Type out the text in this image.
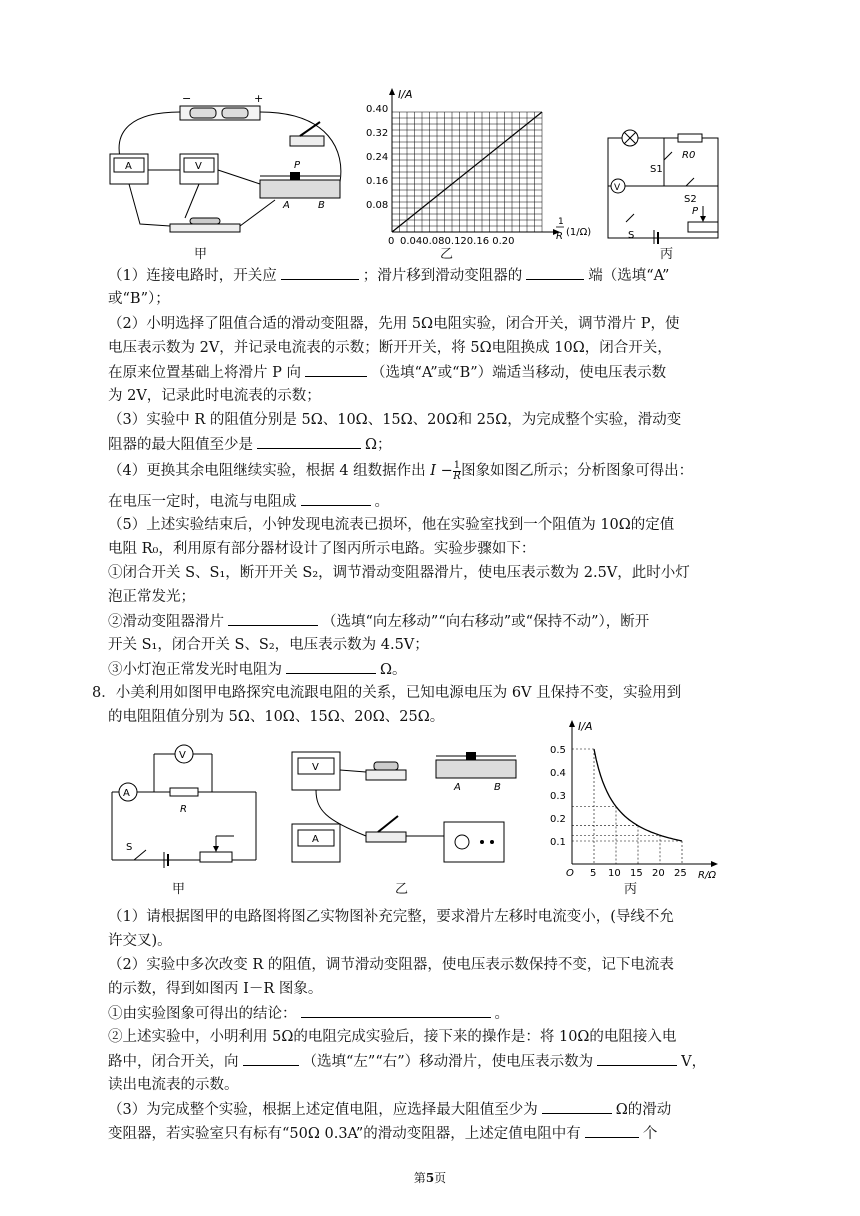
−	+
A	V	P
A	B
甲
I/A
0.40
0.32
0.24
0.16
0.08
0 0.040.080.120.16 0.20
1
R (1/Ω)
乙
R0
S1
V
S2
S
P
丙
（1）连接电路时，开关应	；滑片移到滑动变阻器的	端（选填“A”
或“B”）；
（2）小明选择了阻值合适的滑动变阻器，先用 5Ω电阻实验，闭合开关，调节滑片 P，使
电压表示数为 2V，并记录电流表的示数；断开开关，将 5Ω电阻换成 10Ω，闭合开关，
在原来位置基础上将滑片 P 向	（选填“A”或“B”）端适当移动，使电压表示数
为 2V，记录此时电流表的示数；
（3）实验中 R 的阻值分别是 5Ω、10Ω、15Ω、20Ω和 25Ω，为完成整个实验，滑动变
阻器的最大阻值至少是	Ω；
（4）更换其余电阻继续实验，根据 4 组数据作出 $I - \frac{1}{R}$ 图象如图乙所示；分析图象可得出：
在电压一定时，电流与电阻成	。
（5）上述实验结束后，小钟发现电流表已损坏，他在实验室找到一个阻值为 10Ω的定值
电阻 R₀，利用原有部分器材设计了图丙所示电路。实验步骤如下：
①闭合开关 S、S₁，断开开关 S₂，调节滑动变阻器滑片，使电压表示数为 2.5V，此时小灯
泡正常发光；
②滑动变阻器滑片	（选填“向左移动”“向右移动”或“保持不动”），断开
开关 S₁，闭合开关 S、S₂，电压表示数为 4.5V；
③小灯泡正常发光时电阻为	Ω。
8．小美利用如图甲电路探究电流跟电阻的关系，已知电源电压为 6V 且保持不变，实验用到
的电阻阻值分别为 5Ω、10Ω、15Ω、20Ω、25Ω。
A
V
R
S
甲
V
A
A	B
乙
I/A
0.5
0.4
0.3
0.2
0.1
O 5 10 15 20 25 R/Ω
丙
（1）请根据图甲的电路图将图乙实物图补充完整，要求滑片左移时电流变小，(导线不允
许交叉)。
（2）实验中多次改变 R 的阻值，调节滑动变阻器，使电压表示数保持不变，记下电流表
的示数，得到如图丙 I－R 图象。
①由实验图象可得出的结论：	。
②上述实验中，小明利用 5Ω的电阻完成实验后，接下来的操作是：将 10Ω的电阻接入电
路中，闭合开关，向	（选填“左”“右”）移动滑片，使电压表示数为	V，
读出电流表的示数。
（3）为完成整个实验，根据上述定值电阻，应选择最大阻值至少为	Ω的滑动
变阻器，若实验室只有标有“50Ω 0.3A”的滑动变阻器，上述定值电阻中有	个
第5页
